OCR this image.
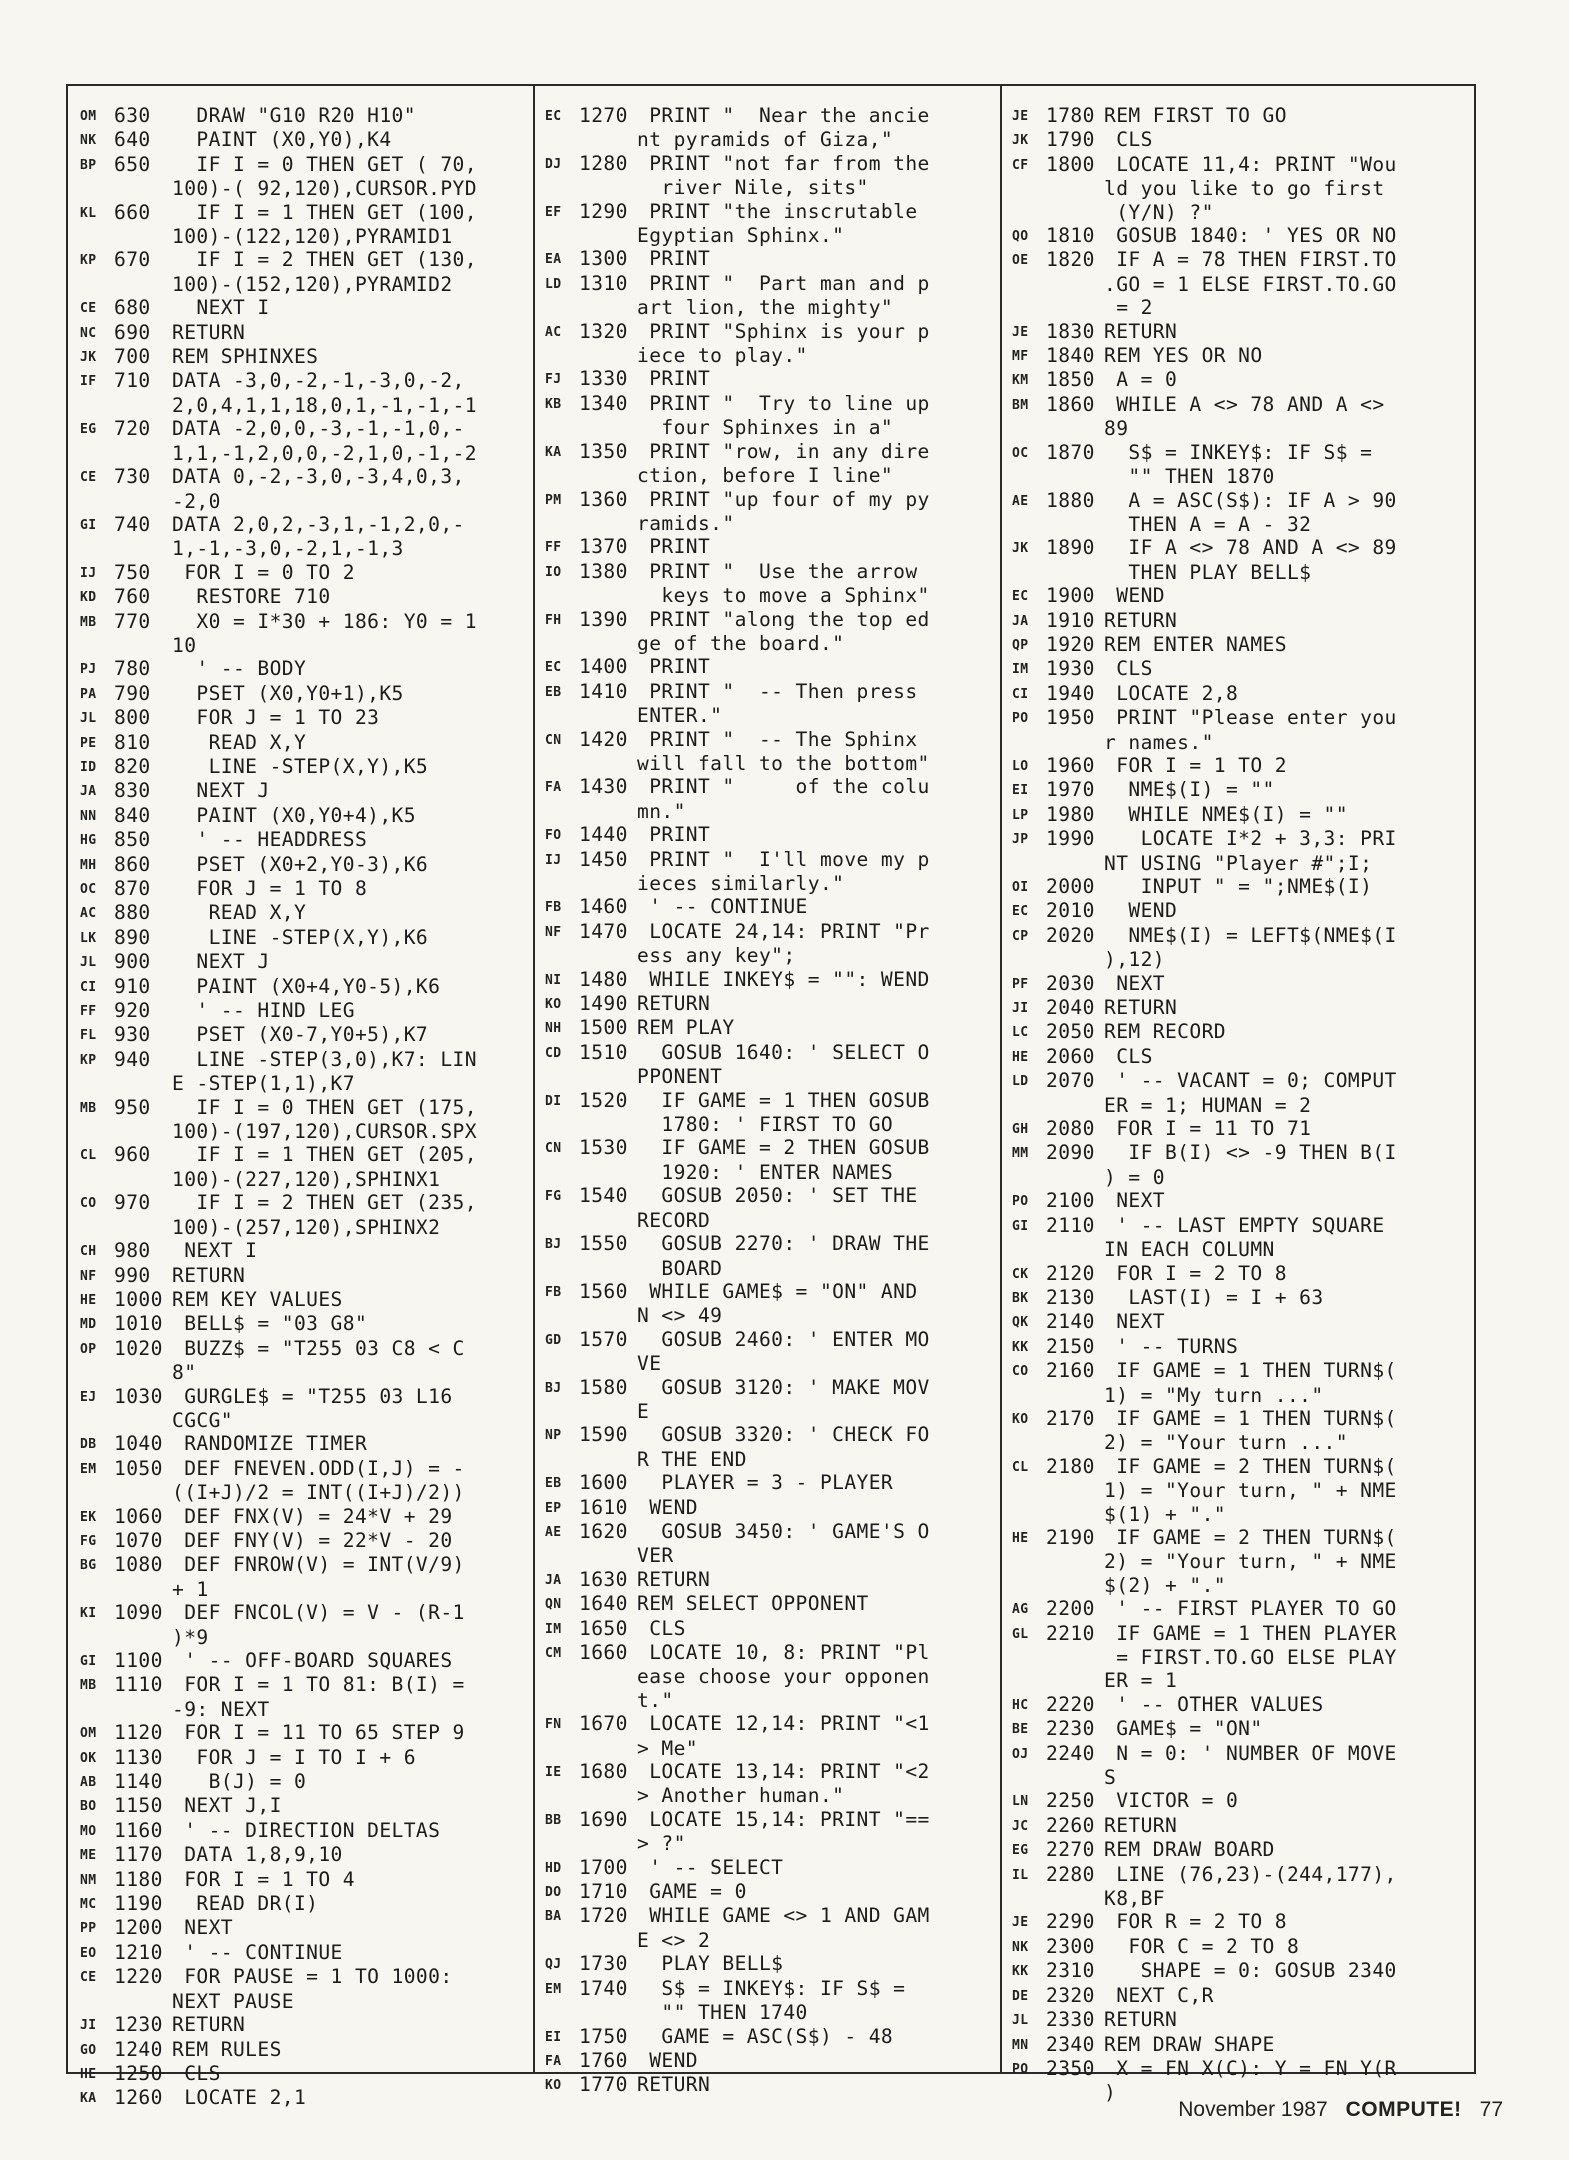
OM 630	DRAW "G10 R20 H10"
NK 640	PAINT (X0,Y0),K4
BP 650	IF I = 0 THEN GET ( 70,
100)-( 92,120),CURSOR.PYD
KL 660	IF I = 1 THEN GET (100,
100)-(122,120),PYRAMID1
KP 670	IF I = 2 THEN GET (130,
100)-(152,120),PYRAMID2
CE 680	NEXT I
NC 690	RETURN
JK 700	REM SPHINXES
IF 710	DATA -3,0,-2,-1,-3,0,-2,
2,0,4,1,1,18,0,1,-1,-1,-1
EG 720	DATA -2,0,0,-3,-1,-1,0,-
1,1,-1,2,0,0,-2,1,0,-1,-2
CE 730	DATA 0,-2,-3,0,-3,4,0,3,
-2,0
GI 740	DATA 2,0,2,-3,1,-1,2,0,-
1,-1,-3,0,-2,1,-1,3
IJ 750	FOR I = 0 TO 2
KD 760	RESTORE 710
MB 770	X0 = I*30 + 186: Y0 = 1
10
PJ 780	' -- BODY
PA 790	PSET (X0,Y0+1),K5
JL 800	FOR J = 1 TO 23
PE 810	READ X,Y
ID 820	LINE -STEP(X,Y),K5
JA 830	NEXT J
NN 840	PAINT (X0,Y0+4),K5
HG 850	' -- HEADDRESS
MH 860	PSET (X0+2,Y0-3),K6
OC 870	FOR J = 1 TO 8
AC 880	READ X,Y
LK 890	LINE -STEP(X,Y),K6
JL 900	NEXT J
CI 910	PAINT (X0+4,Y0-5),K6
FF 920	' -- HIND LEG
FL 930	PSET (X0-7,Y0+5),K7
KP 940	LINE -STEP(3,0),K7: LIN
E -STEP(1,1),K7
MB 950	IF I = 0 THEN GET (175,
100)-(197,120),CURSOR.SPX
CL 960	IF I = 1 THEN GET (205,
100)-(227,120),SPHINX1
CO 970	IF I = 2 THEN GET (235,
100)-(257,120),SPHINX2
CH 980	NEXT I
NF 990	RETURN
HE 1000 REM KEY VALUES
MD 1010 BELL$ = "03 G8"
OP 1020 BUZZ$ = "T255 03 C8 < C
8"
EJ 1030 GURGLE$ = "T255 03 L16
CGCG"
DB 1040 RANDOMIZE TIMER
EM 1050 DEF FNEVEN.ODD(I,J) = -
((I+J)/2 = INT((I+J)/2))
EK 1060 DEF FNX(V) = 24*V + 29
FG 1070 DEF FNY(V) = 22*V - 20
BG 1080 DEF FNROW(V) = INT(V/9)
+ 1
KI 1090 DEF FNCOL(V) = V - (R-1
)*9
GI 1100 ' -- OFF-BOARD SQUARES
MB 1110 FOR I = 1 TO 81: B(I) =
-9: NEXT
OM 1120 FOR I = 11 TO 65 STEP 9
OK 1130 FOR J = I TO I + 6
AB 1140 B(J) = 0
BO 1150 NEXT J,I
MO 1160 ' -- DIRECTION DELTAS
ME 1170 DATA 1,8,9,10
NM 1180 FOR I = 1 TO 4
MC 1190 READ DR(I)
PP 1200 NEXT
EO 1210 ' -- CONTINUE
CE 1220 FOR PAUSE = 1 TO 1000:
NEXT PAUSE
JI 1230 RETURN
GO 1240 REM RULES
HE 1250 CLS
KA 1260 LOCATE 2,1
EC 1270 PRINT "  Near the ancie
nt pyramids of Giza,"
DJ 1280 PRINT "not far from the
river Nile, sits"
EF 1290 PRINT "the inscrutable
Egyptian Sphinx."
EA 1300 PRINT
LD 1310 PRINT "  Part man and p
art lion, the mighty"
AC 1320 PRINT "Sphinx is your p
iece to play."
FJ 1330 PRINT
KB 1340 PRINT "  Try to line up
four Sphinxes in a"
KA 1350 PRINT "row, in any dire
ction, before I line"
PM 1360 PRINT "up four of my py
ramids."
FF 1370 PRINT
IO 1380 PRINT "  Use the arrow
keys to move a Sphinx"
FH 1390 PRINT "along the top ed
ge of the board."
EC 1400 PRINT
EB 1410 PRINT "  -- Then press
ENTER."
CN 1420 PRINT "  -- The Sphinx
will fall to the bottom"
FA 1430 PRINT "     of the colu
mn."
FO 1440 PRINT
IJ 1450 PRINT "  I'll move my p
ieces similarly."
FB 1460 ' -- CONTINUE
NF 1470 LOCATE 24,14: PRINT "Pr
ess any key";
NI 1480 WHILE INKEY$ = "": WEND
KO 1490 RETURN
NH 1500 REM PLAY
CD 1510 GOSUB 1640: ' SELECT O
PPONENT
DI 1520 IF GAME = 1 THEN GOSUB
1780: ' FIRST TO GO
CN 1530 IF GAME = 2 THEN GOSUB
1920: ' ENTER NAMES
FG 1540 GOSUB 2050: ' SET THE
RECORD
BJ 1550 GOSUB 2270: ' DRAW THE
BOARD
FB 1560 WHILE GAME$ = "ON" AND
N <> 49
GD 1570 GOSUB 2460: ' ENTER MO
VE
BJ 1580 GOSUB 3120: ' MAKE MOV
E
NP 1590 GOSUB 3320: ' CHECK FO
R THE END
EB 1600 PLAYER = 3 - PLAYER
EP 1610 WEND
AE 1620 GOSUB 3450: ' GAME'S O
VER
JA 1630 RETURN
QN 1640 REM SELECT OPPONENT
IM 1650 CLS
CM 1660 LOCATE 10, 8: PRINT "Pl
ease choose your opponen
t."
FN 1670 LOCATE 12,14: PRINT "<1
> Me"
IE 1680 LOCATE 13,14: PRINT "<2
> Another human."
BB 1690 LOCATE 15,14: PRINT "==
> ?"
HD 1700 ' -- SELECT
DO 1710 GAME = 0
BA 1720 WHILE GAME <> 1 AND GAM
E <> 2
QJ 1730 PLAY BELL$
EM 1740 S$ = INKEY$: IF S$ =
"" THEN 1740
EI 1750 GAME = ASC(S$) - 48
FA 1760 WEND
KO 1770 RETURN
JE 1780 REM FIRST TO GO
JK 1790 CLS
CF 1800 LOCATE 11,4: PRINT "Wou
ld you like to go first
(Y/N) ?"
QO 1810 GOSUB 1840: ' YES OR NO
OE 1820 IF A = 78 THEN FIRST.TO
.GO = 1 ELSE FIRST.TO.GO
= 2
JE 1830 RETURN
MF 1840 REM YES OR NO
KM 1850 A = 0
BM 1860 WHILE A <> 78 AND A <>
89
OC 1870 S$ = INKEY$: IF S$ =
"" THEN 1870
AE 1880 A = ASC(S$): IF A > 90
THEN A = A - 32
JK 1890 IF A <> 78 AND A <> 89
THEN PLAY BELL$
EC 1900 WEND
JA 1910 RETURN
QP 1920 REM ENTER NAMES
IM 1930 CLS
CI 1940 LOCATE 2,8
PO 1950 PRINT "Please enter you
r names."
LO 1960 FOR I = 1 TO 2
EI 1970 NME$(I) = ""
LP 1980 WHILE NME$(I) = ""
JP 1990 LOCATE I*2 + 3,3: PRI
NT USING "Player #";I;
OI 2000 INPUT " = ";NME$(I)
EC 2010 WEND
CP 2020 NME$(I) = LEFT$(NME$(I
),12)
PF 2030 NEXT
JI 2040 RETURN
LC 2050 REM RECORD
HE 2060 CLS
LD 2070 ' -- VACANT = 0; COMPUT
ER = 1; HUMAN = 2
GH 2080 FOR I = 11 TO 71
MM 2090 IF B(I) <> -9 THEN B(I
) = 0
PO 2100 NEXT
GI 2110 ' -- LAST EMPTY SQUARE
IN EACH COLUMN
CK 2120 FOR I = 2 TO 8
BK 2130 LAST(I) = I + 63
QK 2140 NEXT
KK 2150 ' -- TURNS
CO 2160 IF GAME = 1 THEN TURN$(
1) = "My turn ..."
KO 2170 IF GAME = 1 THEN TURN$(
2) = "Your turn ..."
CL 2180 IF GAME = 2 THEN TURN$(
1) = "Your turn, " + NME
$(1) + "."
HE 2190 IF GAME = 2 THEN TURN$(
2) = "Your turn, " + NME
$(2) + "."
AG 2200 ' -- FIRST PLAYER TO GO
GL 2210 IF GAME = 1 THEN PLAYER
= FIRST.TO.GO ELSE PLAY
ER = 1
HC 2220 ' -- OTHER VALUES
BE 2230 GAME$ = "ON"
OJ 2240 N = 0: ' NUMBER OF MOVE
S
LN 2250 VICTOR = 0
JC 2260 RETURN
EG 2270 REM DRAW BOARD
IL 2280 LINE (76,23)-(244,177),
K8,BF
JE 2290 FOR R = 2 TO 8
NK 2300 FOR C = 2 TO 8
KK 2310 SHAPE = 0: GOSUB 2340
DE 2320 NEXT C,R
JL 2330 RETURN
MN 2340 REM DRAW SHAPE
PO 2350 X = FN X(C): Y = FN Y(R
)
November 1987 COMPUTE! 77
